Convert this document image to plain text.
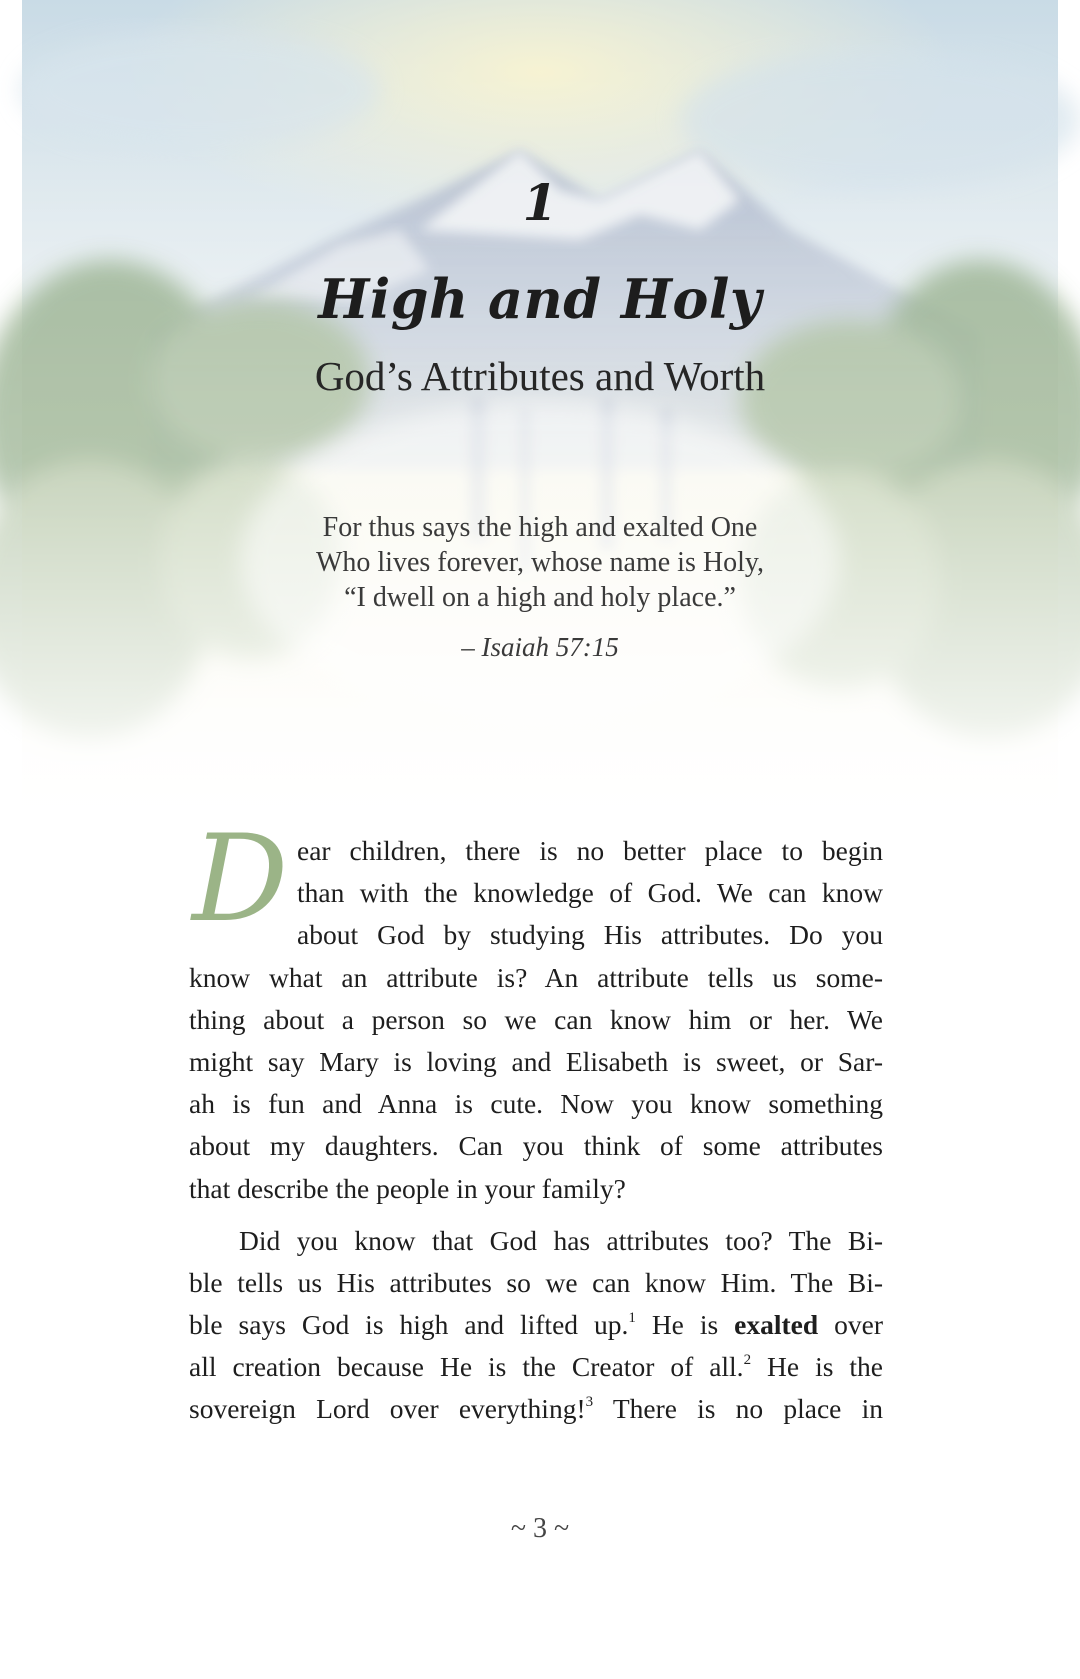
1
High and Holy
God’s Attributes and Worth
For thus says the high and exalted One
Who lives forever, whose name is Holy,
“I dwell on a high and holy place.”
– Isaiah 57:15
D ear children, there is no better place to begin
than with the knowledge of God. We can know
about God by studying His attributes. Do you
know what an attribute is? An attribute tells us some-
thing about a person so we can know him or her. We
might say Mary is loving and Elisabeth is sweet, or Sar-
ah is fun and Anna is cute. Now you know something
about my daughters. Can you think of some attributes
that describe the people in your family?
Did you know that God has attributes too? The Bi-
ble tells us His attributes so we can know Him. The Bi-
ble says God is high and lifted up.$^1$ He is exalted over
all creation because He is the Creator of all.$^2$ He is the
sovereign Lord over everything!$^3$ There is no place in
~ 3 ~
